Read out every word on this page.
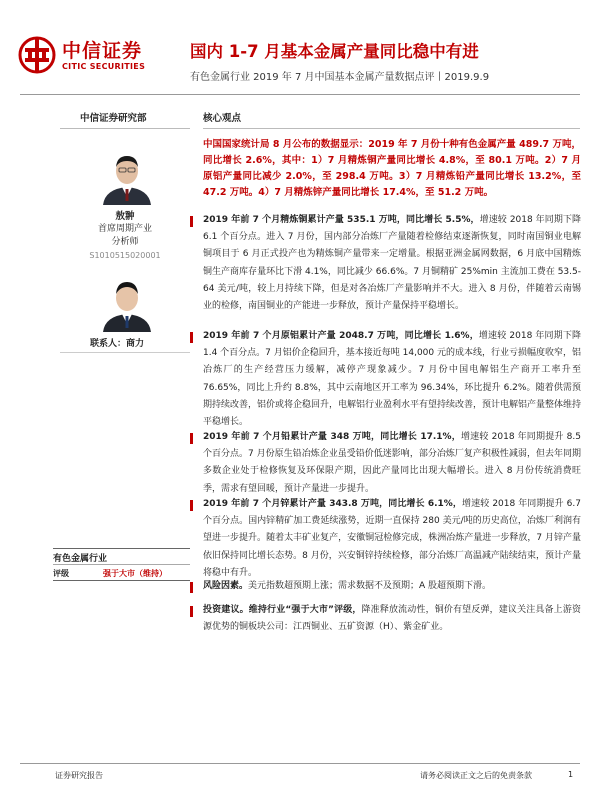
中信证券
CITIC SECURITIES
国内 1-7 月基本金属产量同比稳中有进
有色金属行业 2019 年 7 月中国基本金属产量数据点评丨2019.9.9
中信证券研究部
敖翀
首席周期产业
分析师
S1010515020001
联系人：商力
有色金属行业
评级	强于大市（维持）
核心观点
中国国家统计局 8 月公布的数据显示：2019 年 7 月份十种有色金属产量 489.7 万吨，同比增长 2.6%，其中：1）7 月精炼铜产量同比增长 4.8%，至 80.1 万吨。2）7 月原铝产量同比减少 2.0%，至 298.4 万吨。3）7 月精炼铅产量同比增长 13.2%，至 47.2 万吨。4）7 月精炼锌产量同比增长 17.4%，至 51.2 万吨。
2019 年前 7 个月精炼铜累计产量 535.1 万吨，同比增长 5.5%，增速较 2018 年同期下降 6.1 个百分点。进入 7 月份，国内部分冶炼厂产量随着检修结束逐渐恢复，同时南国铜业电解铜项目于 6 月正式投产也为精炼铜产量带来一定增量。根据亚洲金属网数据，6 月底中国精炼铜生产商库存量环比下滑 4.1%，同比减少 66.6%。7 月铜精矿 25%min 主流加工费在 53.5-64 美元/吨，较上月持续下降，但是对各冶炼厂产量影响并不大。进入 8 月份，伴随着云南锡业的检修，南国铜业的产能进一步释放，预计产量保持平稳增长。
2019 年前 7 个月原铝累计产量 2048.7 万吨，同比增长 1.6%，增速较 2018 年同期下降 1.4 个百分点。7 月铝价企稳回升，基本接近每吨 14,000 元的成本线，行业亏损幅度收窄，铝冶炼厂的生产经营压力缓解，减停产现象减少。7 月份中国电解铝生产商开工率升至 76.65%，同比上升约 8.8%，其中云南地区开工率为 96.34%，环比提升 6.2%。随着供需预期持续改善，铝价或将企稳回升，电解铝行业盈利水平有望持续改善，预计电解铝产量整体维持平稳增长。
2019 年前 7 个月铅累计产量 348 万吨，同比增长 17.1%，增速较 2018 年同期提升 8.5 个百分点。7 月份原生铅冶炼企业虽受铅价低迷影响，部分冶炼厂复产积极性减弱，但去年同期多数企业处于检修恢复及环保限产期，因此产量同比出现大幅增长。进入 8 月份传统消费旺季，需求有望回暖，预计产量进一步提升。
2019 年前 7 个月锌累计产量 343.8 万吨，同比增长 6.1%，增速较 2018 年同期提升 6.7 个百分点。国内锌精矿加工费延续涨势，近期一直保持 280 美元/吨的历史高位，冶炼厂利润有望进一步提升。随着太丰矿业复产，安徽铜冠检修完成，株洲冶炼产量进一步释放，7 月锌产量依旧保持同比增长态势。8 月份，兴安铜锌持续检修，部分冶炼厂高温减产陆续结束，预计产量将稳中有升。
风险因素。美元指数超预期上涨；需求数据不及预期；A 股超预期下滑。
投资建议。维持行业“强于大市”评级，降准释放流动性，铜价有望反弹，建议关注具备上游资源优势的铜板块公司：江西铜业、五矿资源（H）、紫金矿业。
证券研究报告	请务必阅读正文之后的免责条款	1
